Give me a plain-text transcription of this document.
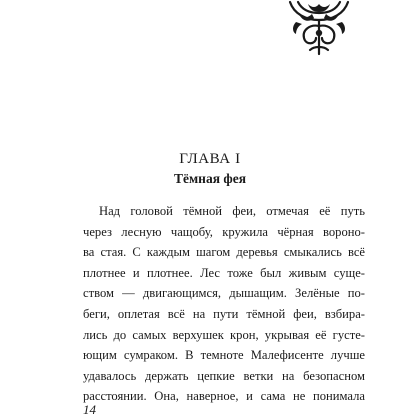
ГЛАВА I
Тёмная фея
Над головой тёмной феи, отмечая её путь
через лесную чащобу, кружила чёрная вороно-
ва стая. С каждым шагом деревья смыкались всё
плотнее и плотнее. Лес тоже был живым суще-
ством — двигающимся, дышащим. Зелёные по-
беги, оплетая всё на пути тёмной феи, взбира-
лись до самых верхушек крон, укрывая её густе-
ющим сумраком. В темноте Малефисенте лучше
удавалось держать цепкие ветки на безопасном
расстоянии. Она, наверное, и сама не понимала
14
